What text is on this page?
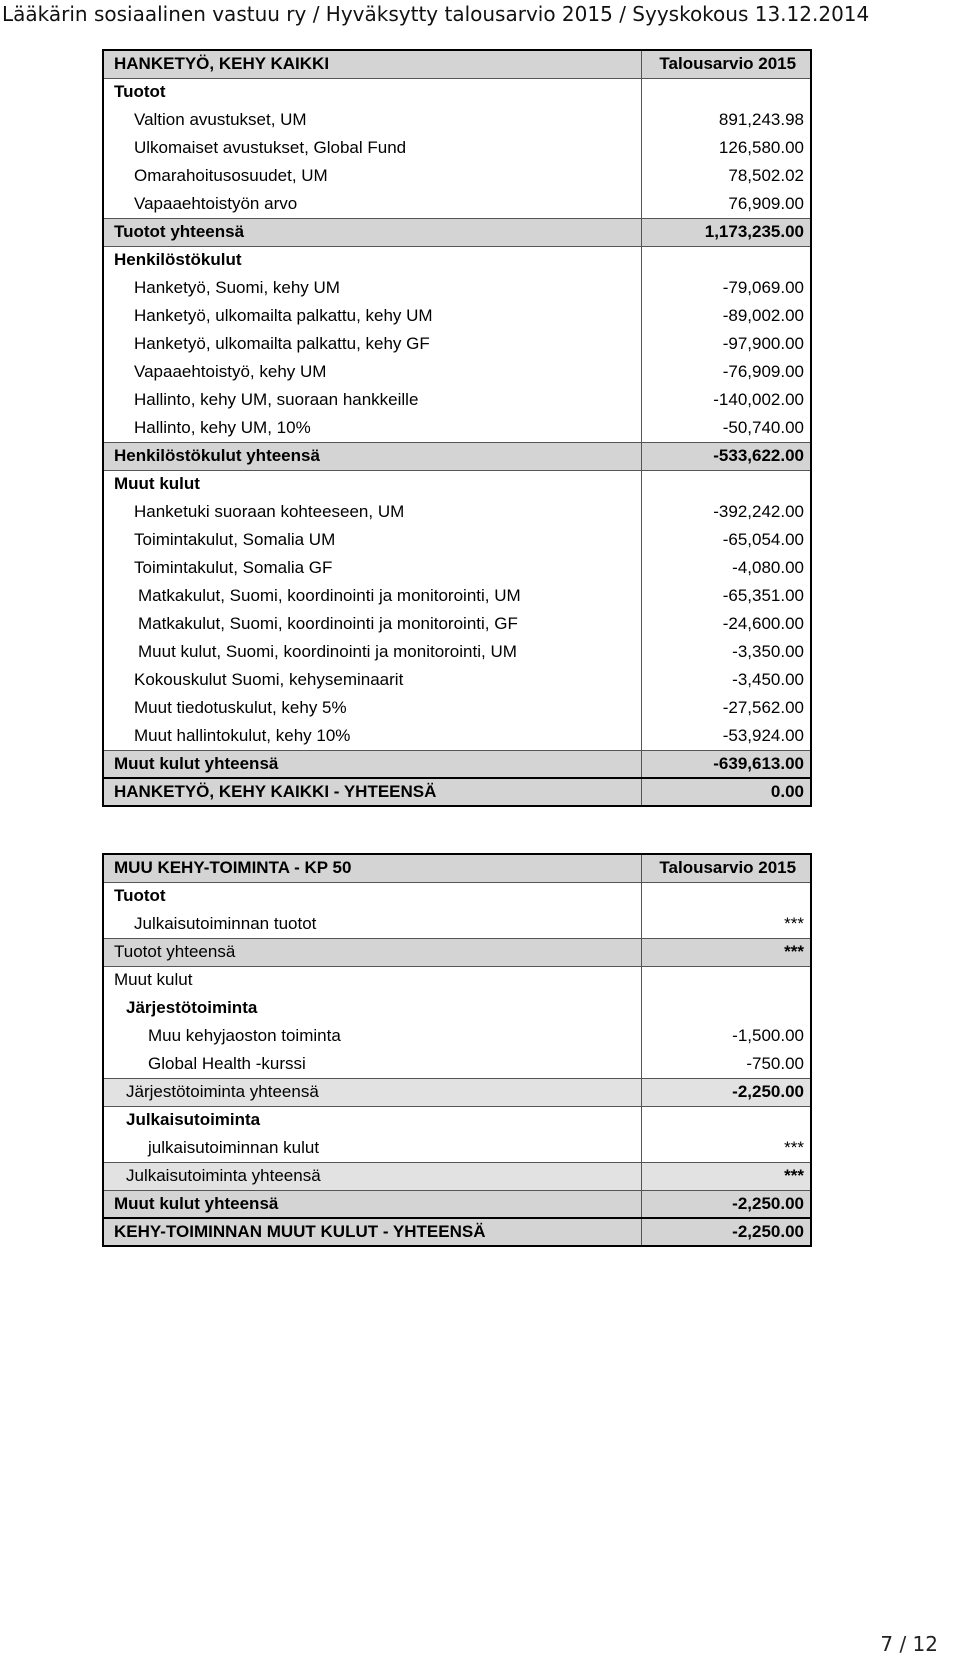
Lääkärin sosiaalinen vastuu ry / Hyväksytty talousarvio 2015 / Syyskokous 13.12.2014
HANKETYÖ, KEHY KAIKKI	Talousarvio 2015
Tuotot	
Valtion avustukset, UM	891,243.98
Ulkomaiset avustukset, Global Fund	126,580.00
Omarahoitusosuudet, UM	78,502.02
Vapaaehtoistyön arvo	76,909.00
Tuotot yhteensä	1,173,235.00
Henkilöstökulut	
Hanketyö, Suomi, kehy UM	-79,069.00
Hanketyö, ulkomailta palkattu, kehy UM	-89,002.00
Hanketyö, ulkomailta palkattu, kehy GF	-97,900.00
Vapaaehtoistyö, kehy UM	-76,909.00
Hallinto, kehy UM, suoraan hankkeille	-140,002.00
Hallinto, kehy UM, 10%	-50,740.00
Henkilöstökulut yhteensä	-533,622.00
Muut kulut	
Hanketuki suoraan kohteeseen, UM	-392,242.00
Toimintakulut, Somalia UM	-65,054.00
Toimintakulut, Somalia GF	-4,080.00
Matkakulut, Suomi, koordinointi ja monitorointi, UM	-65,351.00
Matkakulut, Suomi, koordinointi ja monitorointi, GF	-24,600.00
Muut kulut, Suomi, koordinointi ja monitorointi, UM	-3,350.00
Kokouskulut Suomi, kehyseminaarit	-3,450.00
Muut tiedotuskulut, kehy 5%	-27,562.00
Muut hallintokulut, kehy 10%	-53,924.00
Muut kulut yhteensä	-639,613.00
HANKETYÖ, KEHY KAIKKI - YHTEENSÄ	0.00
MUU KEHY-TOIMINTA - KP 50	Talousarvio 2015
Tuotot	
Julkaisutoiminnan tuotot	***
Tuotot yhteensä	***
Muut kulut	
Järjestötoiminta	
Muu kehyjaoston toiminta	-1,500.00
Global Health -kurssi	-750.00
Järjestötoiminta yhteensä	-2,250.00
Julkaisutoiminta	
julkaisutoiminnan kulut	***
Julkaisutoiminta yhteensä	***
Muut kulut yhteensä	-2,250.00
KEHY-TOIMINNAN MUUT KULUT - YHTEENSÄ	-2,250.00
7 / 12
